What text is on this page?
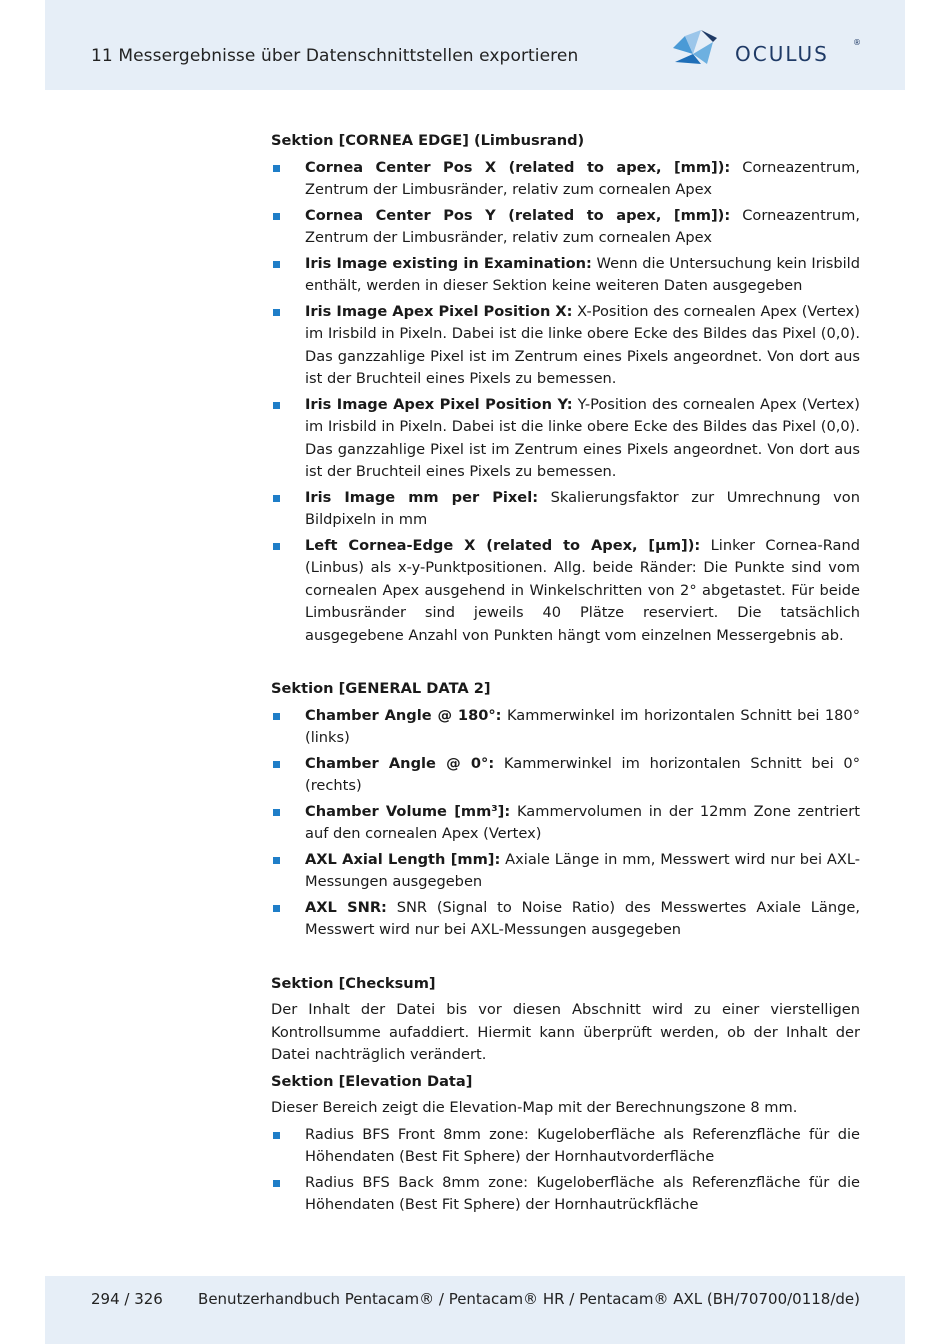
11 Messergebnisse über Datenschnittstellen exportieren	OCULUS	®
Sektion [CORNEA EDGE] (Limbusrand)
Cornea Center Pos X (related to apex, [mm]): Corneazentrum, Zentrum der Limbusränder, relativ zum cornealen Apex
Cornea Center Pos Y (related to apex, [mm]): Corneazentrum, Zentrum der Limbusränder, relativ zum cornealen Apex
Iris Image existing in Examination: Wenn die Untersuchung kein Irisbild enthält, werden in dieser Sektion keine weiteren Daten ausgegeben
Iris Image Apex Pixel Position X: X-Position des cornealen Apex (Vertex) im Irisbild in Pixeln. Dabei ist die linke obere Ecke des Bildes das Pixel (0,0). Das ganzzahlige Pixel ist im Zentrum eines Pixels angeordnet. Von dort aus ist der Bruchteil eines Pixels zu bemessen.
Iris Image Apex Pixel Position Y: Y-Position des cornealen Apex (Vertex) im Irisbild in Pixeln. Dabei ist die linke obere Ecke des Bildes das Pixel (0,0). Das ganzzahlige Pixel ist im Zentrum eines Pixels angeordnet. Von dort aus ist der Bruchteil eines Pixels zu bemessen.
Iris Image mm per Pixel: Skalierungsfaktor zur Umrechnung von Bildpixeln in mm
Left Cornea-Edge X (related to Apex, [µm]): Linker Cornea-Rand (Linbus) als x-y-Punktpositionen. Allg. beide Ränder: Die Punkte sind vom cornealen Apex ausgehend in Winkelschritten von 2° abgetastet. Für beide Limbusränder sind jeweils 40 Plätze reserviert. Die tatsächlich ausgegebene Anzahl von Punkten hängt vom einzelnen Messergebnis ab.
Sektion [GENERAL DATA 2]
Chamber Angle @ 180°: Kammerwinkel im horizontalen Schnitt bei 180° (links)
Chamber Angle @ 0°: Kammerwinkel im horizontalen Schnitt bei 0° (rechts)
Chamber Volume [mm³]: Kammervolumen in der 12mm Zone zentriert auf den cornealen Apex (Vertex)
AXL Axial Length [mm]: Axiale Länge in mm, Messwert wird nur bei AXL-Messungen ausgegeben
AXL SNR: SNR (Signal to Noise Ratio) des Messwertes Axiale Länge, Messwert wird nur bei AXL-Messungen ausgegeben
Sektion [Checksum]

Der Inhalt der Datei bis vor diesen Abschnitt wird zu einer vierstelligen Kontrollsumme aufaddiert. Hiermit kann überprüft werden, ob der Inhalt der Datei nachträglich verändert.

Sektion [Elevation Data]

Dieser Bereich zeigt die Elevation-Map mit der Berechnungszone 8 mm.

Radius BFS Front 8mm zone: Kugeloberfläche als Referenzfläche für die Höhendaten (Best Fit Sphere) der Hornhautvorderfläche
Radius BFS Back 8mm zone: Kugeloberfläche als Referenzfläche für die Höhendaten (Best Fit Sphere) der Hornhautrückfläche
294 / 326 Benutzerhandbuch Pentacam® / Pentacam® HR / Pentacam® AXL (BH/70700/0118/de)
